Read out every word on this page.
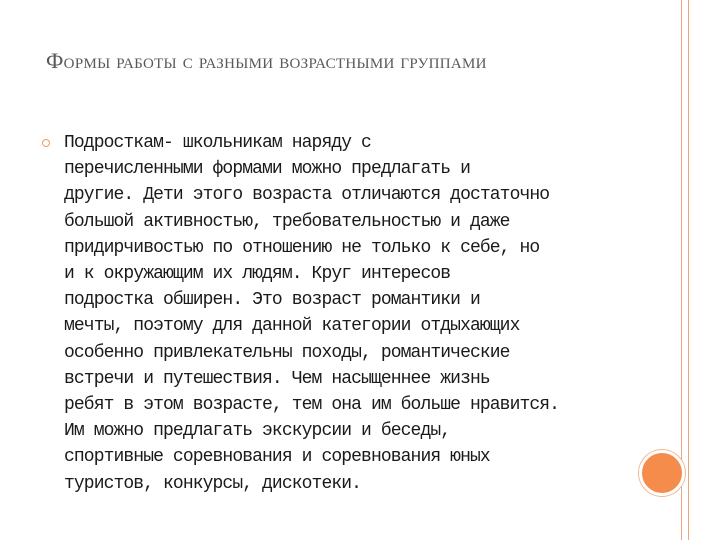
Формы работы с разными возрастными группами
Подросткам- школьникам наряду с
перечисленными формами можно предлагать и
другие. Дети этого возраста отличаются достаточно
большой активностью, требовательностью и даже
придирчивостью по отношению не только к себе, но
и к окружающим их людям. Круг интересов
подростка обширен. Это возраст романтики и
мечты, поэтому для данной категории отдыхающих
особенно привлекательны походы, романтические
встречи и путешествия. Чем насыщеннее жизнь
ребят в этом возрасте, тем она им больше нравится.
Им можно предлагать экскурсии и беседы,
спортивные соревнования и соревнования юных
туристов, конкурсы, дискотеки.
